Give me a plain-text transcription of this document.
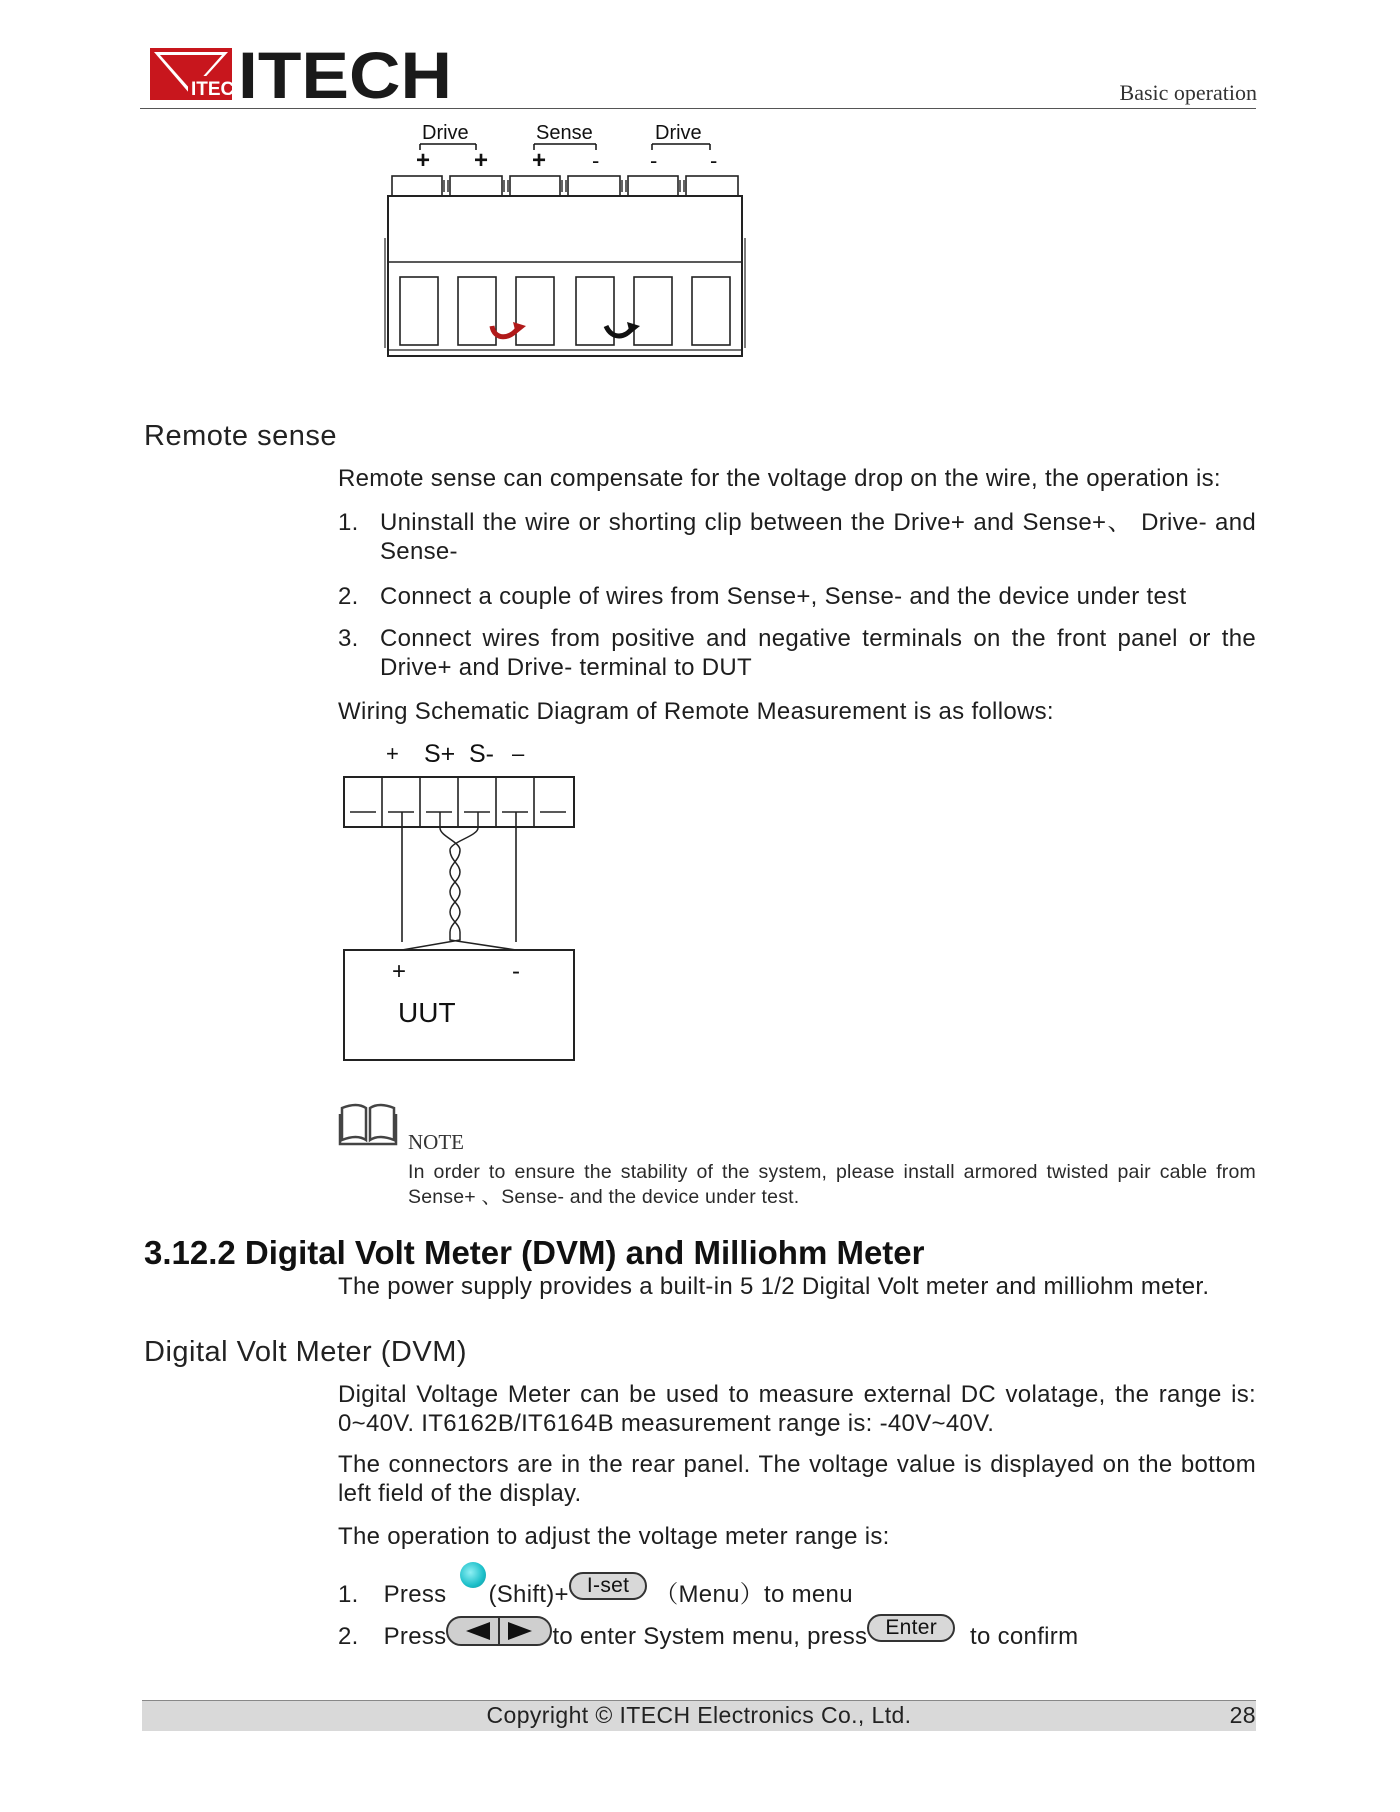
ITECH
ITECH	Basic operation
Drive	Sense	Drive
+ + + - - -
Remote sense
Remote sense can compensate for the voltage drop on the wire, the operation is:
1. Uninstall the wire or shorting clip between the Drive+ and Sense+、 Drive- and Sense-
2. Connect a couple of wires from Sense+, Sense- and the device under test
3. Connect wires from positive and negative terminals on the front panel or the Drive+ and Drive- terminal to DUT
Wiring Schematic Diagram of Remote Measurement is as follows:
+ S+ S- –
+	-
UUT
NOTE
In order to ensure the stability of the system, please install armored twisted pair cable from Sense+ 、Sense- and the device under test.
3.12.2 Digital Volt Meter (DVM) and Milliohm Meter
The power supply provides a built-in 5 1/2 Digital Volt meter and milliohm meter.
Digital Volt Meter (DVM)
Digital Voltage Meter can be used to measure external DC volatage, the range is: 0~40V. IT6162B/IT6164B measurement range is: -40V~40V.
The connectors are in the rear panel. The voltage value is displayed on the bottom left field of the display.
The operation to adjust the voltage meter range is:
1. Press (Shift)+ I-set （Menu）to menu
2. Press	to enter System menu, press Enter to confirm
Copyright © ITECH Electronics Co., Ltd.	28
